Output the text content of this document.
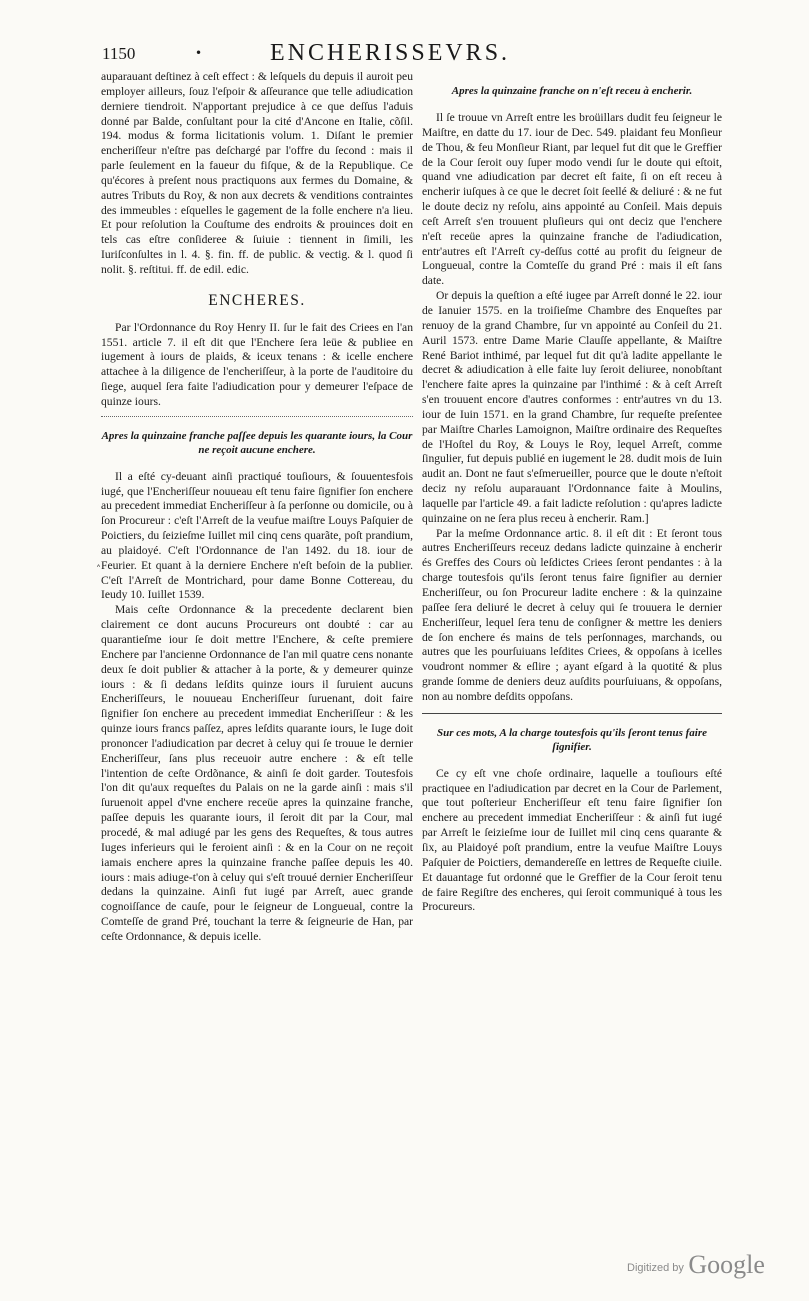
1150	•	ENCHERISSEVRS.

auparauant deſtinez à ceſt effect : & leſquels du depuis il auroit peu employer ailleurs, ſouz l'eſpoir & aſſeurance que telle adiudication derniere tiendroit. N'apportant prejudice à ce que deſſus l'aduis donné par Balde, conſultant pour la cité d'Ancone en Italie, cõſil. 194. modus & forma licitationis volum. 1. Diſant le premier encheriſſeur n'eſtre pas deſchargé par l'offre du ſecond : mais il parle ſeulement en la faueur du fiſque, & de la Republique. Ce qu'écores à preſent nous practiquons aux fermes du Domaine, & autres Tributs du Roy, & non aux decrets & venditions contraintes des immeubles : eſquelles le gagement de la folle enchere n'a lieu. Et pour reſolution la Couſtume des endroits & prouinces doit en tels cas eſtre conſideree & ſuiuie : tiennent in ſimili, les Iuriſconſultes in l. 4. §. fin. ff. de public. & vectig. & l. quod ſi nolit. §. reſtitui. ff. de edil. edic.

ENCHERES.

Par l'Ordonnance du Roy Henry II. ſur le fait des Criees en l'an 1551. article 7. il eſt dit que l'Enchere ſera leüe & publiee en iugement à iours de plaids, & iceux tenans : & icelle enchere attachee à la diligence de l'encheriſſeur, à la porte de l'auditoire du ſiege, auquel ſera faite l'adiudication pour y demeurer l'eſpace de quinze iours.

Apres la quinzaine franche paſſee depuis les quarante iours, la Cour ne reçoit aucune enchere.

Il a eſté cy-deuant ainſi practiqué touſiours, & ſouuentesfois iugé, que l'Encheriſſeur nouueau eſt tenu faire ſignifier ſon enchere au precedent immediat Encheriſſeur à ſa perſonne ou domicile, ou à ſon Procureur : c'eſt l'Arreſt de la veufue maiſtre Louys Paſquier de Poictiers, du ſeizieſme Iuillet mil cinq cens quarãte, poſt prandium, au plaidoyé. C'eſt l'Ordonnance de l'an 1492. du 18. iour de Feurier. Et quant à la derniere Enchere n'eſt beſoin de la publier. C'eſt l'Arreſt de Montrichard, pour dame Bonne Cottereau, du Ieudy 10. Iuillet 1539.

Mais ceſte Ordonnance & la precedente declarent bien clairement ce dont aucuns Procureurs ont doubté : car au quarantieſme iour ſe doit mettre l'Enchere, & ceſte premiere Enchere par l'ancienne Ordonnance de l'an mil quatre cens nonante deux ſe doit publier & attacher à la porte, & y demeurer quinze iours : & ſi dedans leſdits quinze iours il ſuruient aucuns Encheriſſeurs, le nouueau Encheriſſeur ſuruenant, doit faire ſignifier ſon enchere au precedent immediat Encheriſſeur : & les quinze iours francs paſſez, apres leſdits quarante iours, le Iuge doit prononcer l'adiudication par decret à celuy qui ſe trouue le dernier Encheriſſeur, ſans plus receuoir autre enchere : & eſt telle l'intention de ceſte Ordõnance, & ainſi ſe doit garder. Toutesfois l'on dit qu'aux requeſtes du Palais on ne la garde ainſi : mais s'il ſuruenoit appel d'vne enchere receüe apres la quinzaine franche, paſſee depuis les quarante iours, il ſeroit dit par la Cour, mal procedé, & mal adiugé par les gens des Requeſtes, & tous autres Iuges inferieurs qui le feroient ainſi : & en la Cour on ne reçoit iamais enchere apres la quinzaine franche paſſee depuis les 40. iours : mais adiuge-t'on à celuy qui s'eſt trouué dernier Encheriſſeur dedans la quinzaine. Ainſi fut iugé par Arreſt, auec grande cognoiſſance de cauſe, pour le ſeigneur de Longueual, contre la Comteſſe de grand Pré, touchant la terre & ſeigneurie de Han, par ceſte Ordonnance, & depuis icelle.

Apres la quinzaine franche on n'eſt receu à encherir.

Il ſe trouue vn Arreſt entre les broüillars dudit feu ſeigneur le Maiſtre, en datte du 17. iour de Dec. 549. plaidant feu Monſieur de Thou, & feu Monſieur Riant, par lequel fut dit que le Greffier de la Cour ſeroit ouy ſuper modo vendi ſur le doute qui eſtoit, quand vne adiudication par decret eſt faite, ſi on eſt receu à encherir iuſques à ce que le decret ſoit ſeellé & deliuré : & ne fut le doute deciz ny reſolu, ains appointé au Conſeil. Mais depuis ceſt Arreſt s'en trouuent pluſieurs qui ont deciz que l'enchere n'eſt receüe apres la quinzaine franche de l'adiudication, entr'autres eſt l'Arreſt cy-deſſus cotté au profit du ſeigneur de Longueual, contre la Comteſſe du grand Pré : mais il eſt ſans date.

Or depuis la queſtion a eſté iugee par Arreſt donné le 22. iour de Ianuier 1575. en la troiſieſme Chambre des Enqueſtes par renuoy de la grand Chambre, ſur vn appointé au Conſeil du 21. Auril 1573. entre Dame Marie Clauſſe appellante, & Maiſtre René Bariot inthimé, par lequel fut dit qu'à ladite appellante le decret & adiudication à elle faite luy ſeroit deliuree, nonobſtant l'enchere faite apres la quinzaine par l'inthimé : & à ceſt Arreſt s'en trouuent encore d'autres conformes : entr'autres vn du 13. iour de Iuin 1571. en la grand Chambre, ſur requeſte preſentee par Maiſtre Charles Lamoignon, Maiſtre ordinaire des Requeſtes de l'Hoſtel du Roy, & Louys le Roy, lequel Arreſt, comme ſingulier, fut depuis publié en iugement le 28. dudit mois de Iuin audit an. Dont ne faut s'eſmerueiller, pource que le doute n'eſtoit deciz ny reſolu auparauant l'Ordonnance faite à Moulins, laquelle par l'article 49. a fait ladicte reſolution : qu'apres ladicte quinzaine on ne ſera plus receu à encherir. Ram.]

Par la meſme Ordonnance artic. 8. il eſt dit : Et ſeront tous autres Encheriſſeurs receuz dedans ladicte quinzaine à encherir és Greffes des Cours où leſdictes Criees ſeront pendantes : à la charge toutesfois qu'ils ſeront tenus faire ſignifier au dernier Encheriſſeur, ou ſon Procureur ladite enchere : & la quinzaine paſſee ſera deliuré le decret à celuy qui ſe trouuera le dernier Encheriſſeur, lequel ſera tenu de conſigner & mettre les deniers de ſon enchere és mains de tels perſonnages, marchands, ou autres que les pourſuiuans leſdites Criees, & oppoſans à icelles voudront nommer & eſlire ; ayant eſgard à la quotité & plus grande ſomme de deniers deuz auſdits pourſuiuans, & oppoſans, non au nombre deſdits oppoſans.

Sur ces mots, A la charge toutesfois qu'ils ſeront tenus faire ſignifier.

Ce cy eſt vne choſe ordinaire, laquelle a touſiours eſté practiquee en l'adiudication par decret en la Cour de Parlement, que tout poſterieur Encheriſſeur eſt tenu faire ſignifier ſon enchere au precedent immediat Encheriſſeur : & ainſi fut iugé par Arreſt le ſeizieſme iour de Iuillet mil cinq cens quarante & ſix, au Plaidoyé poſt prandium, entre la veufue Maiſtre Louys Paſquier de Poictiers, demandereſſe en lettres de Requeſte ciuile. Et dauantage fut ordonné que le Greffier de la Cour ſeroit tenu de faire Regiſtre des encheres, qui ſeroit communiqué à tous les Procureurs.

˄
Digitized by Google
